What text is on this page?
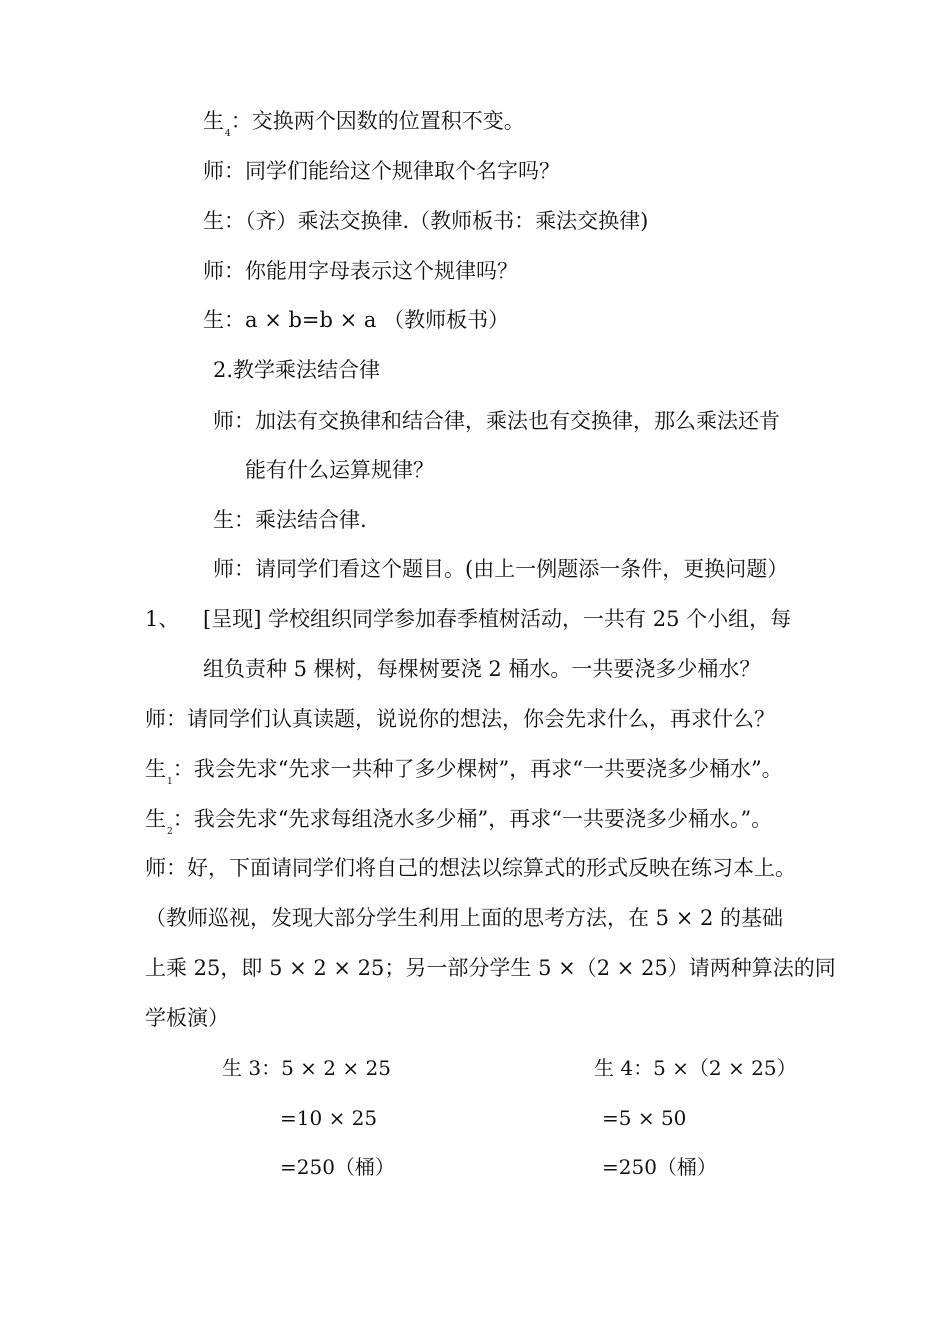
生$_4$：交换两个因数的位置积不变。
师：同学们能给这个规律取个名字吗？
生：（齐）乘法交换律.（教师板书：乘法交换律)
师：你能用字母表示这个规律吗？
生：a × b=b × a （教师板书）
2.教学乘法结合律
师：加法有交换律和结合律，乘法也有交换律，那么乘法还肯
能有什么运算规律？
生：乘法结合律.
师：请同学们看这个题目。(由上一例题添一条件，更换问题）
1、 [呈现] 学校组织同学参加春季植树活动，一共有 25 个小组，每
组负责种 5 棵树，每棵树要浇 2 桶水。一共要浇多少桶水？
师：请同学们认真读题，说说你的想法，你会先求什么，再求什么？
生$_1$：我会先求“先求一共种了多少棵树”，再求“一共要浇多少桶水”。
生$_2$：我会先求“先求每组浇水多少桶”，再求“一共要浇多少桶水。”。
师：好，下面请同学们将自己的想法以综算式的形式反映在练习本上。
（教师巡视，发现大部分学生利用上面的思考方法，在 5 × 2 的基础
上乘 25，即 5 × 2 × 25；另一部分学生 5 ×（2 × 25）请两种算法的同
学板演）
生 3：5 × 2 × 25
=10 × 25
=250（桶）
生 4：5 ×（2 × 25）
=5 × 50
=250（桶）
